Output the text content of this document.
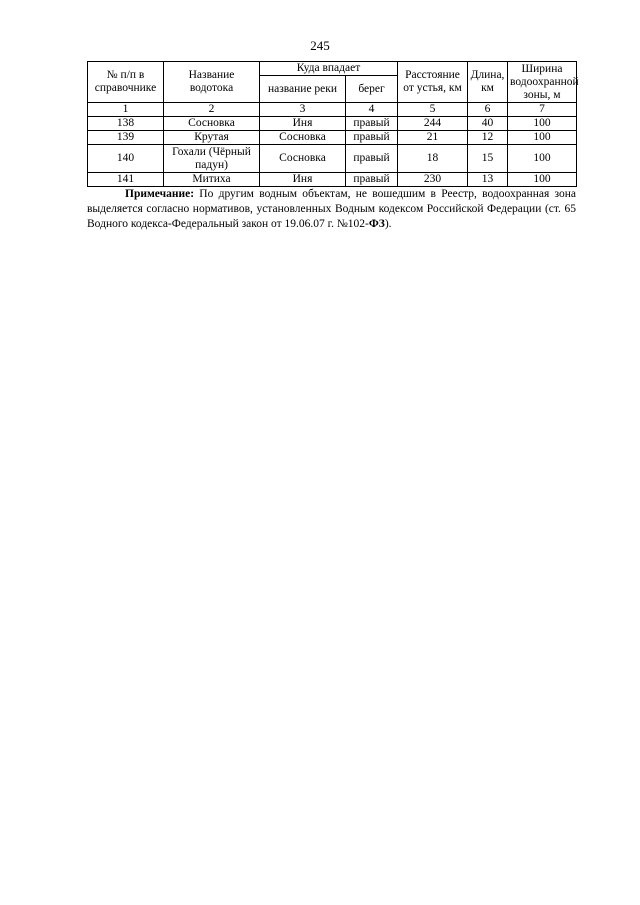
245
№ п/п в справочнике	Название водотока	Куда впадает		Расстояние от устья, км	Длина, км	Ширина водоохранной зоны, м
		название реки	берег			
1	2	3	4	5	6	7
138	Сосновка	Иня	правый	244	40	100
139	Крутая	Сосновка	правый	21	12	100
140	Гохали (Чёрный падун)	Сосновка	правый	18	15	100
141	Митиха	Иня	правый	230	13	100
Примечание: По другим водным объектам, не вошедшим в Реестр, водоохранная зона выделяется согласно нормативов, установленных Водным кодексом Российской Федерации (ст. 65 Водного кодекса-Федеральный закон от 19.06.07 г. №102-ФЗ).
